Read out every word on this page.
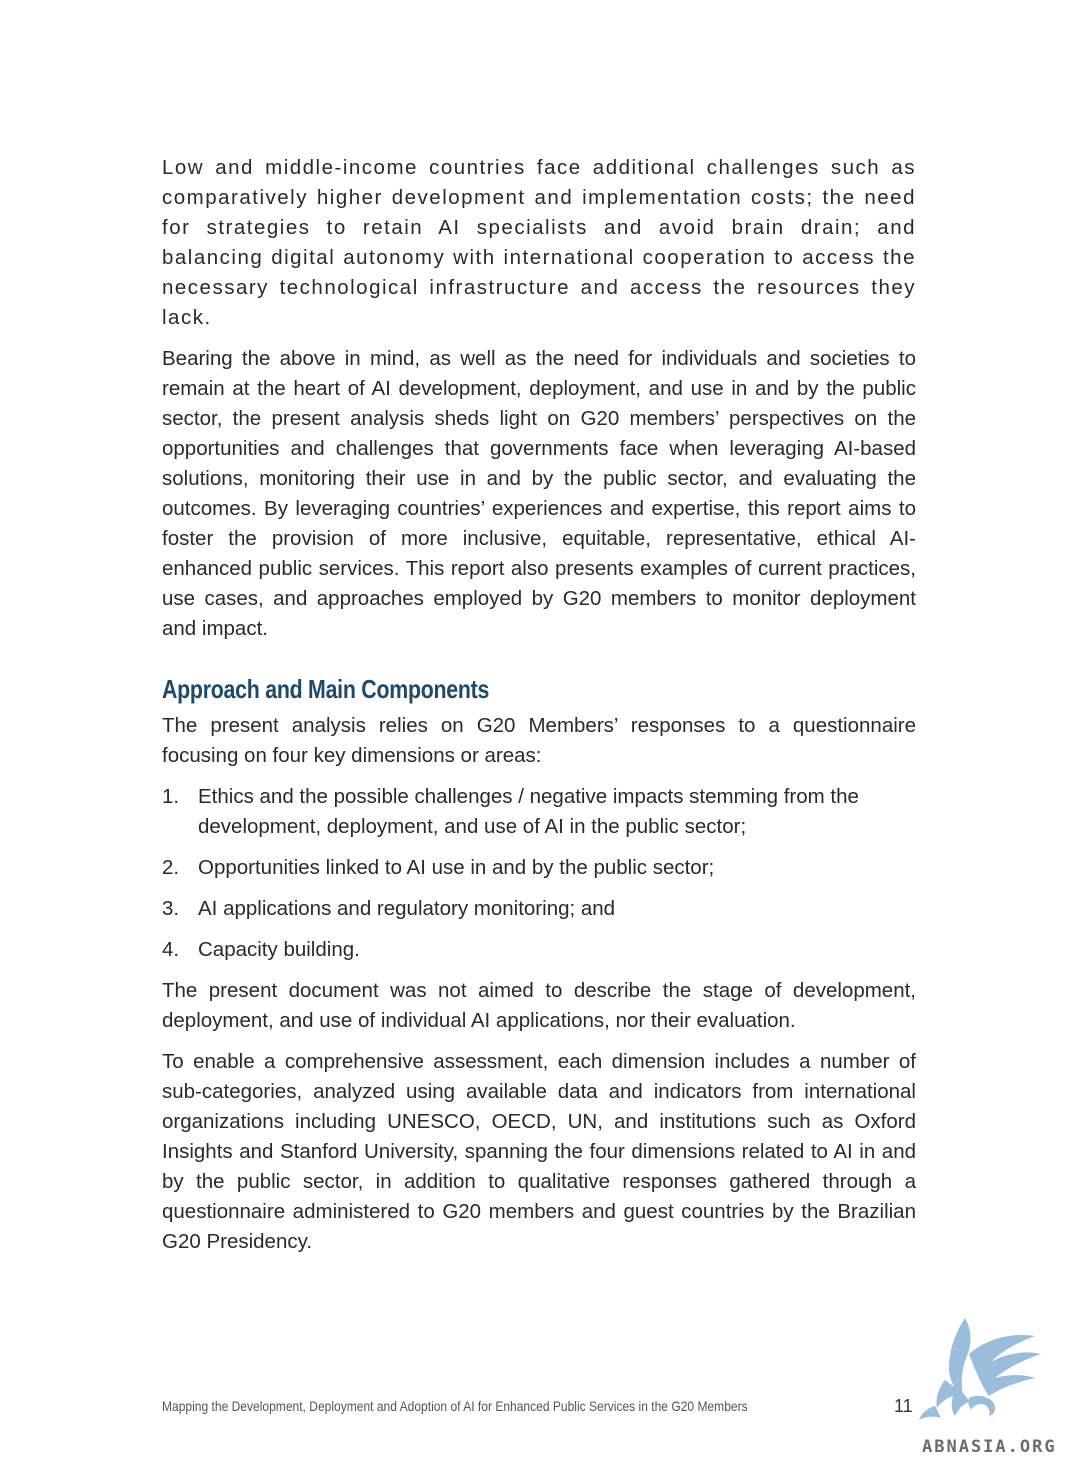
Low and middle-income countries face additional challenges such as comparatively higher development and implementation costs; the need for strategies to retain AI specialists and avoid brain drain; and balancing digital autonomy with international cooperation to access the necessary technological infrastructure and access the resources they lack.

Bearing the above in mind, as well as the need for individuals and societies to remain at the heart of AI development, deployment, and use in and by the public sector, the present analysis sheds light on G20 members’ perspectives on the opportunities and challenges that governments face when leveraging AI-based solutions, monitoring their use in and by the public sector, and evaluating the outcomes. By leveraging countries’ experiences and expertise, this report aims to foster the provision of more inclusive, equitable, representative, ethical AI-enhanced public services. This report also presents examples of current practices, use cases, and approaches employed by G20 members to monitor deployment and impact.

Approach and Main Components

The present analysis relies on G20 Members’ responses to a questionnaire focusing on four key dimensions or areas:

1. Ethics and the possible challenges / negative impacts stemming from the development, deployment, and use of AI in the public sector;
2. Opportunities linked to AI use in and by the public sector;
3. AI applications and regulatory monitoring; and
4. Capacity building.

The present document was not aimed to describe the stage of development, deployment, and use of individual AI applications, nor their evaluation.

To enable a comprehensive assessment, each dimension includes a number of sub-categories, analyzed using available data and indicators from international organizations including UNESCO, OECD, UN, and institutions such as Oxford Insights and Stanford University, spanning the four dimensions related to AI in and by the public sector, in addition to qualitative responses gathered through a questionnaire administered to G20 members and guest countries by the Brazilian G20 Presidency.

Mapping the Development, Deployment and Adoption of AI for Enhanced Public Services in the G20 Members	11
ABNASIA.ORG
